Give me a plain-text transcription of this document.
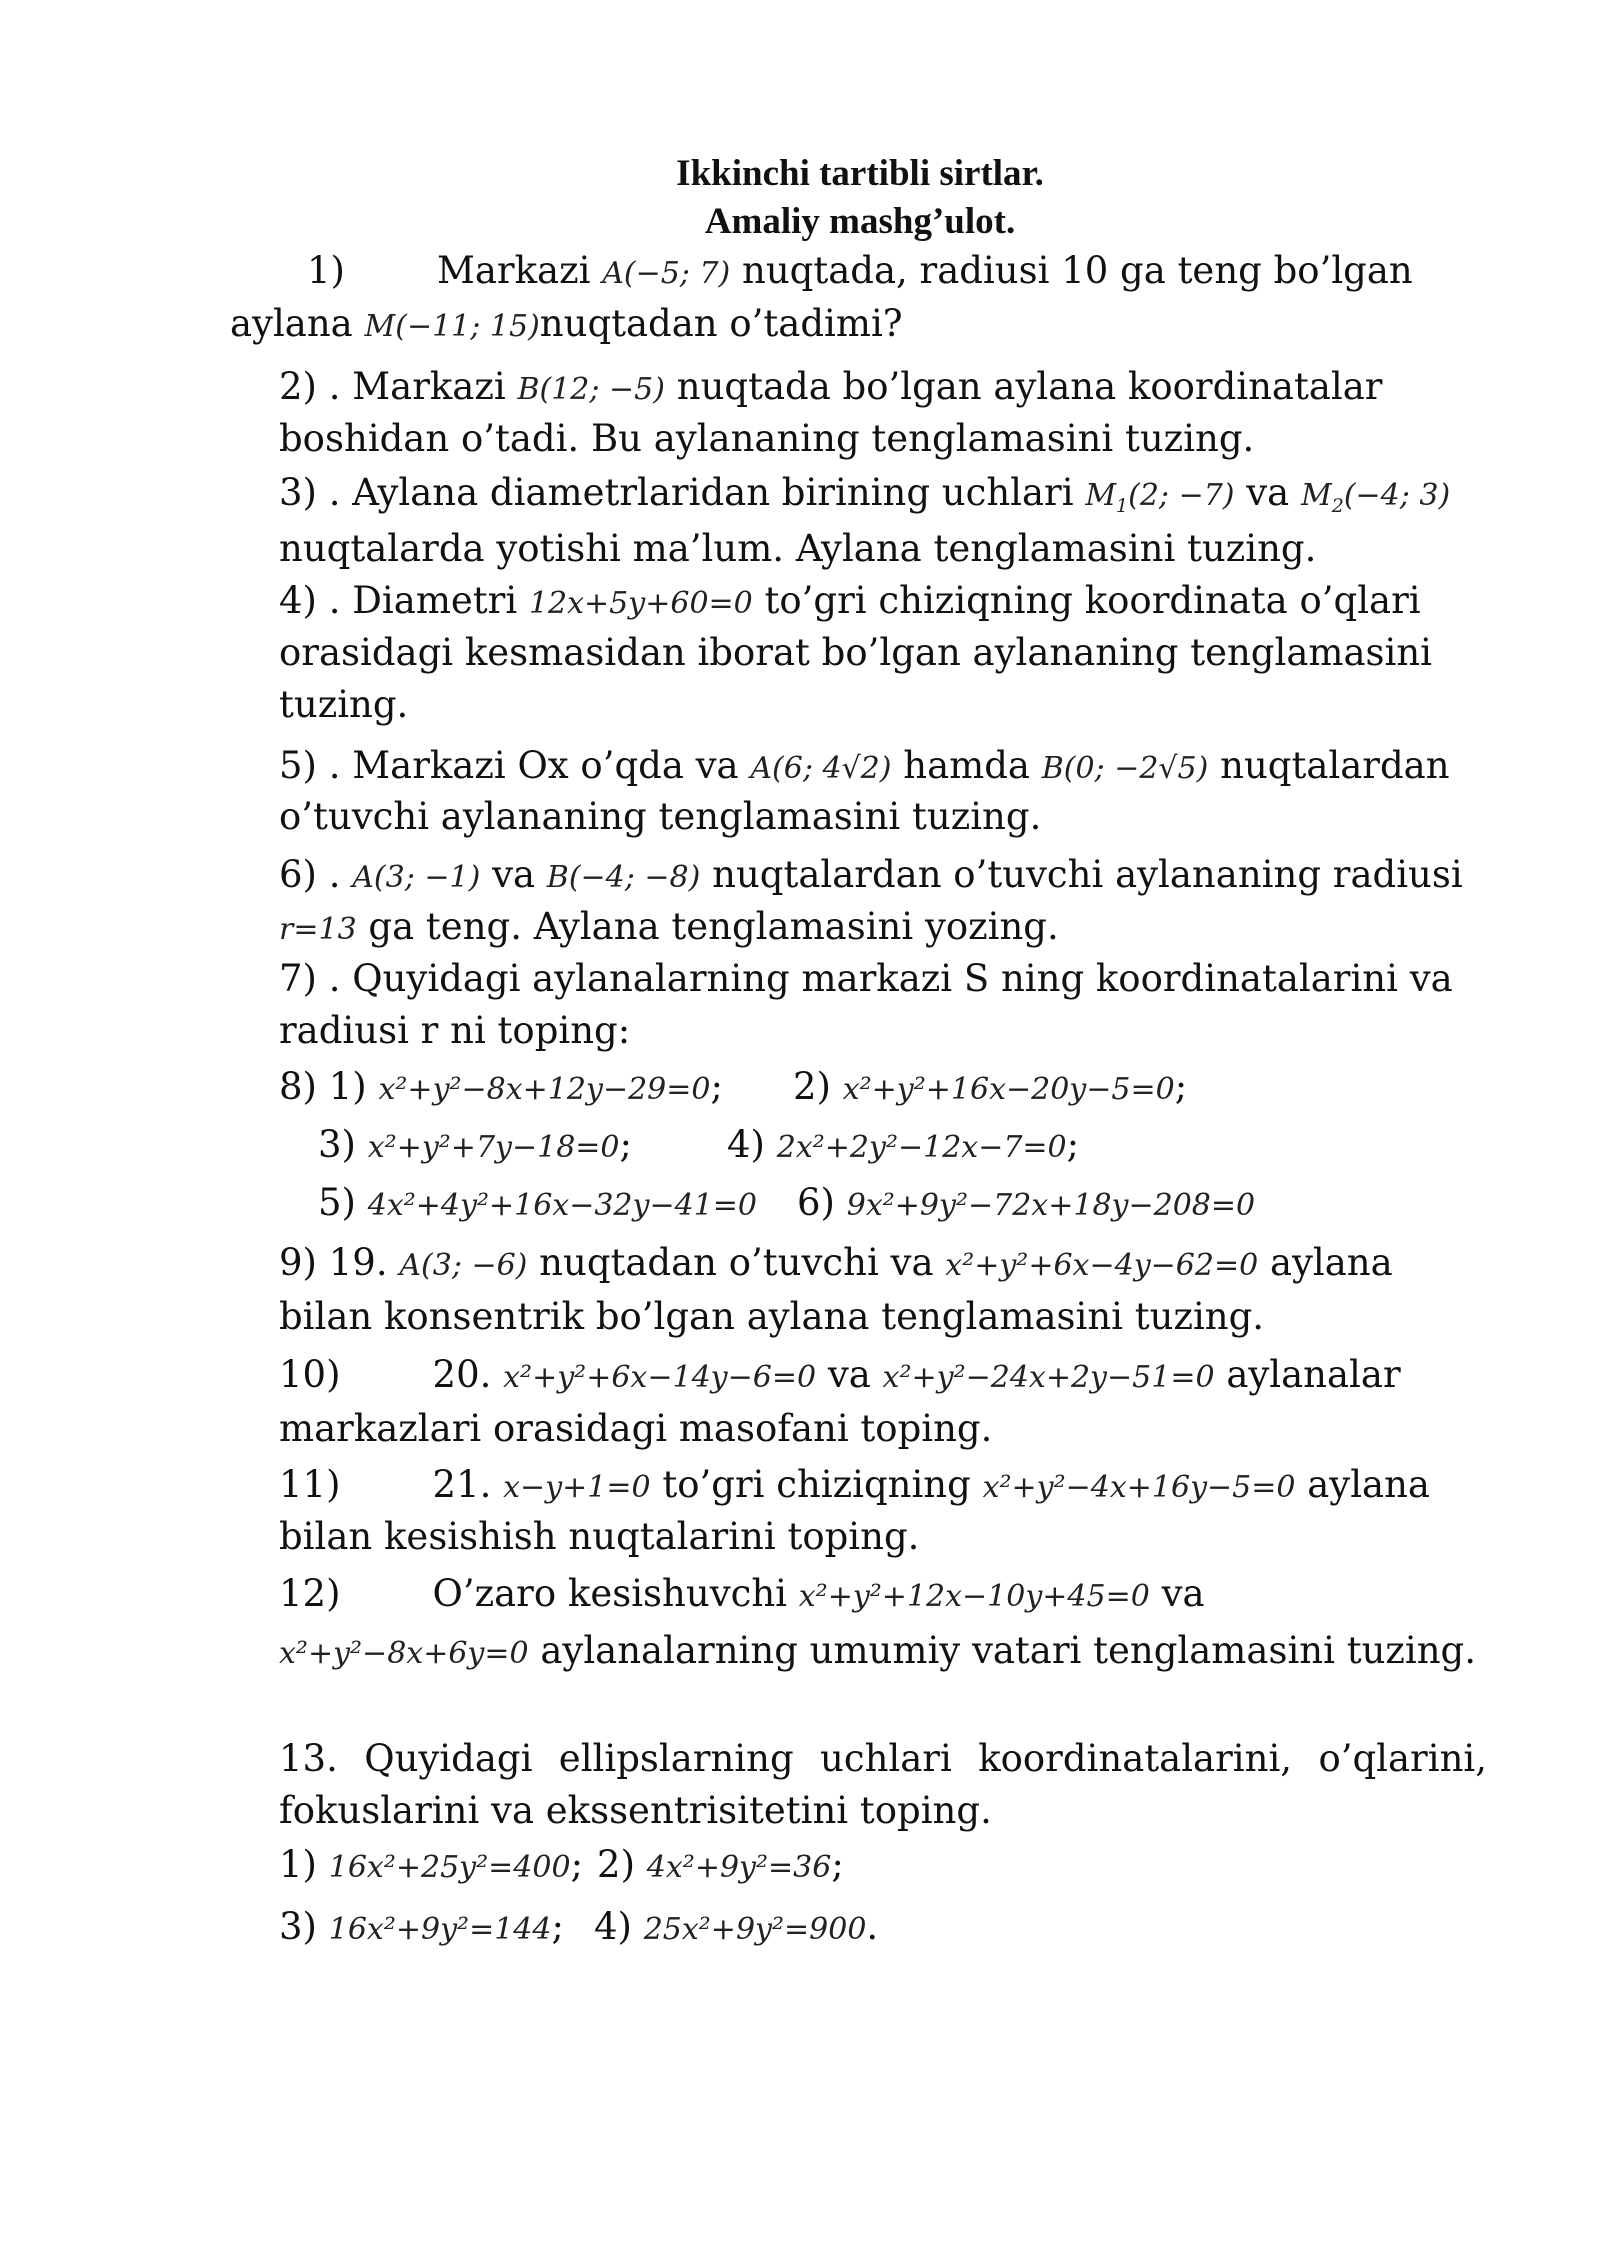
Ikkinchi tartibli sirtlar.
Amaliy mashg’ulot.
1) Markazi A(−5; 7) nuqtada, radiusi 10 ga teng bo’lgan
aylana M(−11; 15)nuqtadan o’tadimi?
2) . Markazi B(12; −5) nuqtada bo’lgan aylana koordinatalar
boshidan o’tadi. Bu aylananing tenglamasini tuzing.
3) . Aylana diametrlaridan birining uchlari $M_1(2$; −7) va $M_2(-4$; 3)
nuqtalarda yotishi ma’lum. Aylana tenglamasini tuzing.
4) . Diametri 12x+5y+60=0 to’gri chiziqning koordinata o’qlari
orasidagi kesmasidan iborat bo’lgan aylananing tenglamasini
tuzing.
5) . Markazi Ox o’qda va A(6; 4√2) hamda B(0; −2√5) nuqtalardan
o’tuvchi aylananing tenglamasini tuzing.
6) . A(3; −1) va B(−4; −8) nuqtalardan o’tuvchi aylananing radiusi
r=13 ga teng. Aylana tenglamasini yozing.
7) . Quyidagi aylanalarning markazi S ning koordinatalarini va
radiusi r ni toping:
8) 1) x²+y²−8x+12y−29=0; 2) x²+y²+16x−20y−5=0;
3) x²+y²+7y−18=0;	4) 2x²+2y²−12x−7=0;
5) 4x²+4y²+16x−32y−41=0 6) 9x²+9y²−72x+18y−208=0
9) 19. A(3; −6) nuqtadan o’tuvchi va x²+y²+6x−4y−62=0 aylana
bilan konsentrik bo’lgan aylana tenglamasini tuzing.
10) 20. x²+y²+6x−14y−6=0 va x²+y²−24x+2y−51=0 aylanalar
markazlari orasidagi masofani toping.
11) 21. x−y+1=0 to’gri chiziqning x²+y²−4x+16y−5=0 aylana
bilan kesishish nuqtalarini toping.
12) O’zaro kesishuvchi x²+y²+12x−10y+45=0 va
x²+y²−8x+6y=0 aylanalarning umumiy vatari tenglamasini tuzing.
13. Quyidagi ellipslarning uchlari koordinatalarini, o’qlarini,
fokuslarini va ekssentrisitetini toping.
1) 16x²+25y²=400; 2) 4x²+9y²=36;
3) 16x²+9y²=144; 4) 25x²+9y²=900.
